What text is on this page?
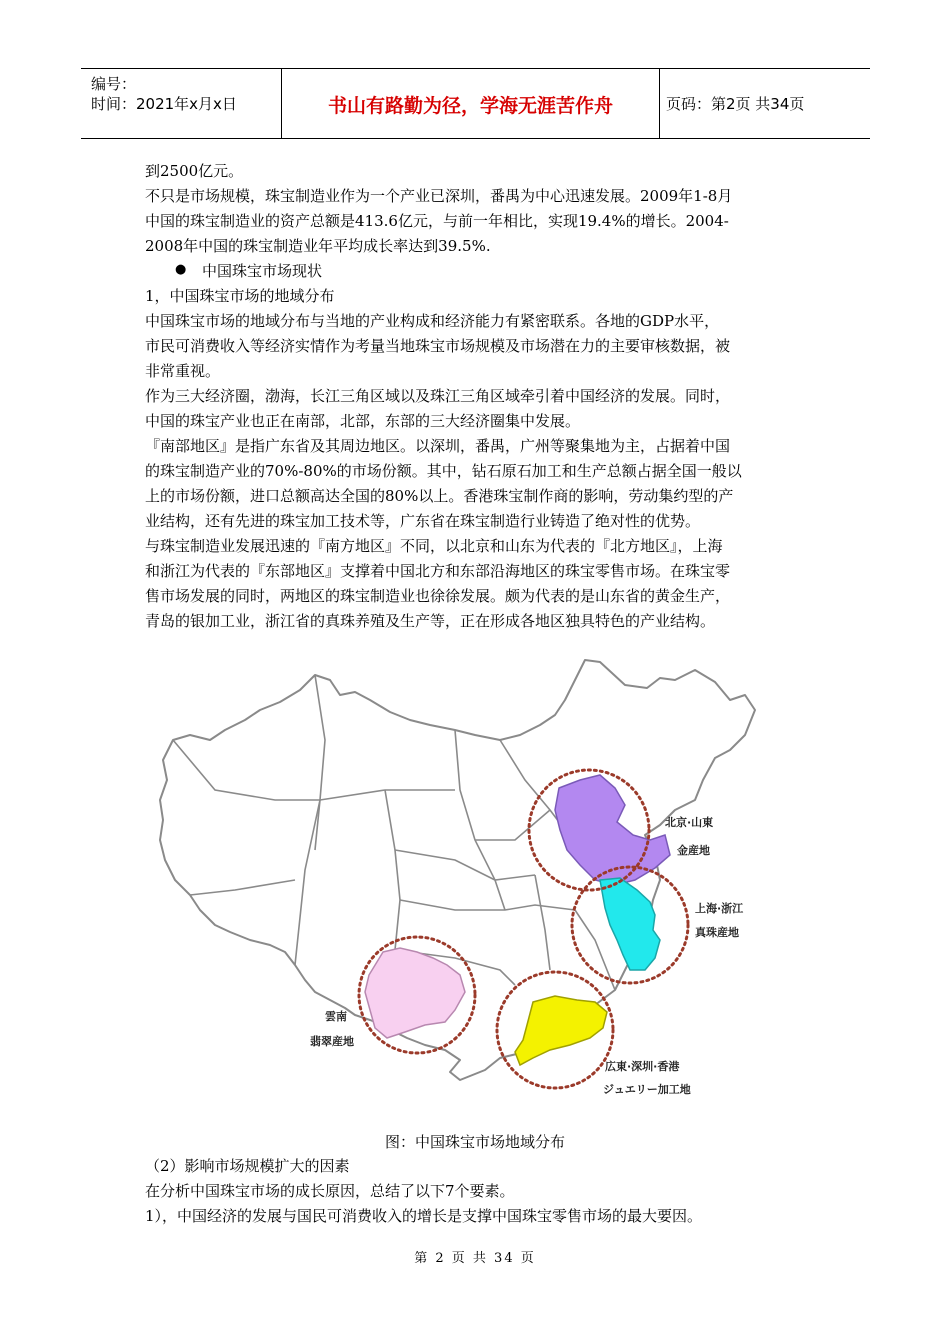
编号：
时间：2021年x月x日	书山有路勤为径，学海无涯苦作舟	页码：第2页 共34页
到2500亿元。
不只是市场规模，珠宝制造业作为一个产业已深圳，番禺为中心迅速发展。2009年1-8月
中国的珠宝制造业的资产总额是413.6亿元，与前一年相比，实现19.4%的增长。2004-
2008年中国的珠宝制造业年平均成长率达到39.5%.
● 中国珠宝市场现状
1，中国珠宝市场的地域分布
中国珠宝市场的地域分布与当地的产业构成和经济能力有紧密联系。各地的GDP水平，
市民可消费收入等经济实情作为考量当地珠宝市场规模及市场潜在力的主要审核数据，被
非常重视。
作为三大经济圈，渤海，长江三角区域以及珠江三角区域牵引着中国经济的发展。同时，
中国的珠宝产业也正在南部，北部，东部的三大经济圈集中发展。
『南部地区』是指广东省及其周边地区。以深圳，番禺，广州等聚集地为主，占据着中国
的珠宝制造产业的70%-80%的市场份额。其中，钻石原石加工和生产总额占据全国一般以
上的市场份额，进口总额高达全国的80%以上。香港珠宝制作商的影响，劳动集约型的产
业结构，还有先进的珠宝加工技术等，广东省在珠宝制造行业铸造了绝对性的优势。
与珠宝制造业发展迅速的『南方地区』不同，以北京和山东为代表的『北方地区』，上海
和浙江为代表的『东部地区』支撑着中国北方和东部沿海地区的珠宝零售市场。在珠宝零
售市场发展的同时，两地区的珠宝制造业也徐徐发展。颇为代表的是山东省的黄金生产，
青岛的银加工业，浙江省的真珠养殖及生产等，正在形成各地区独具特色的产业结构。
北京·山東
金産地
上海·浙江
真珠産地
雲南
翡翠産地
広東·深圳·香港
ジュエリー加工地
图：中国珠宝市场地域分布
（2）影响市场规模扩大的因素
在分析中国珠宝市场的成长原因，总结了以下7个要素。
1），中国经济的发展与国民可消费收入的增长是支撑中国珠宝零售市场的最大要因。
第 2 页 共 34 页
